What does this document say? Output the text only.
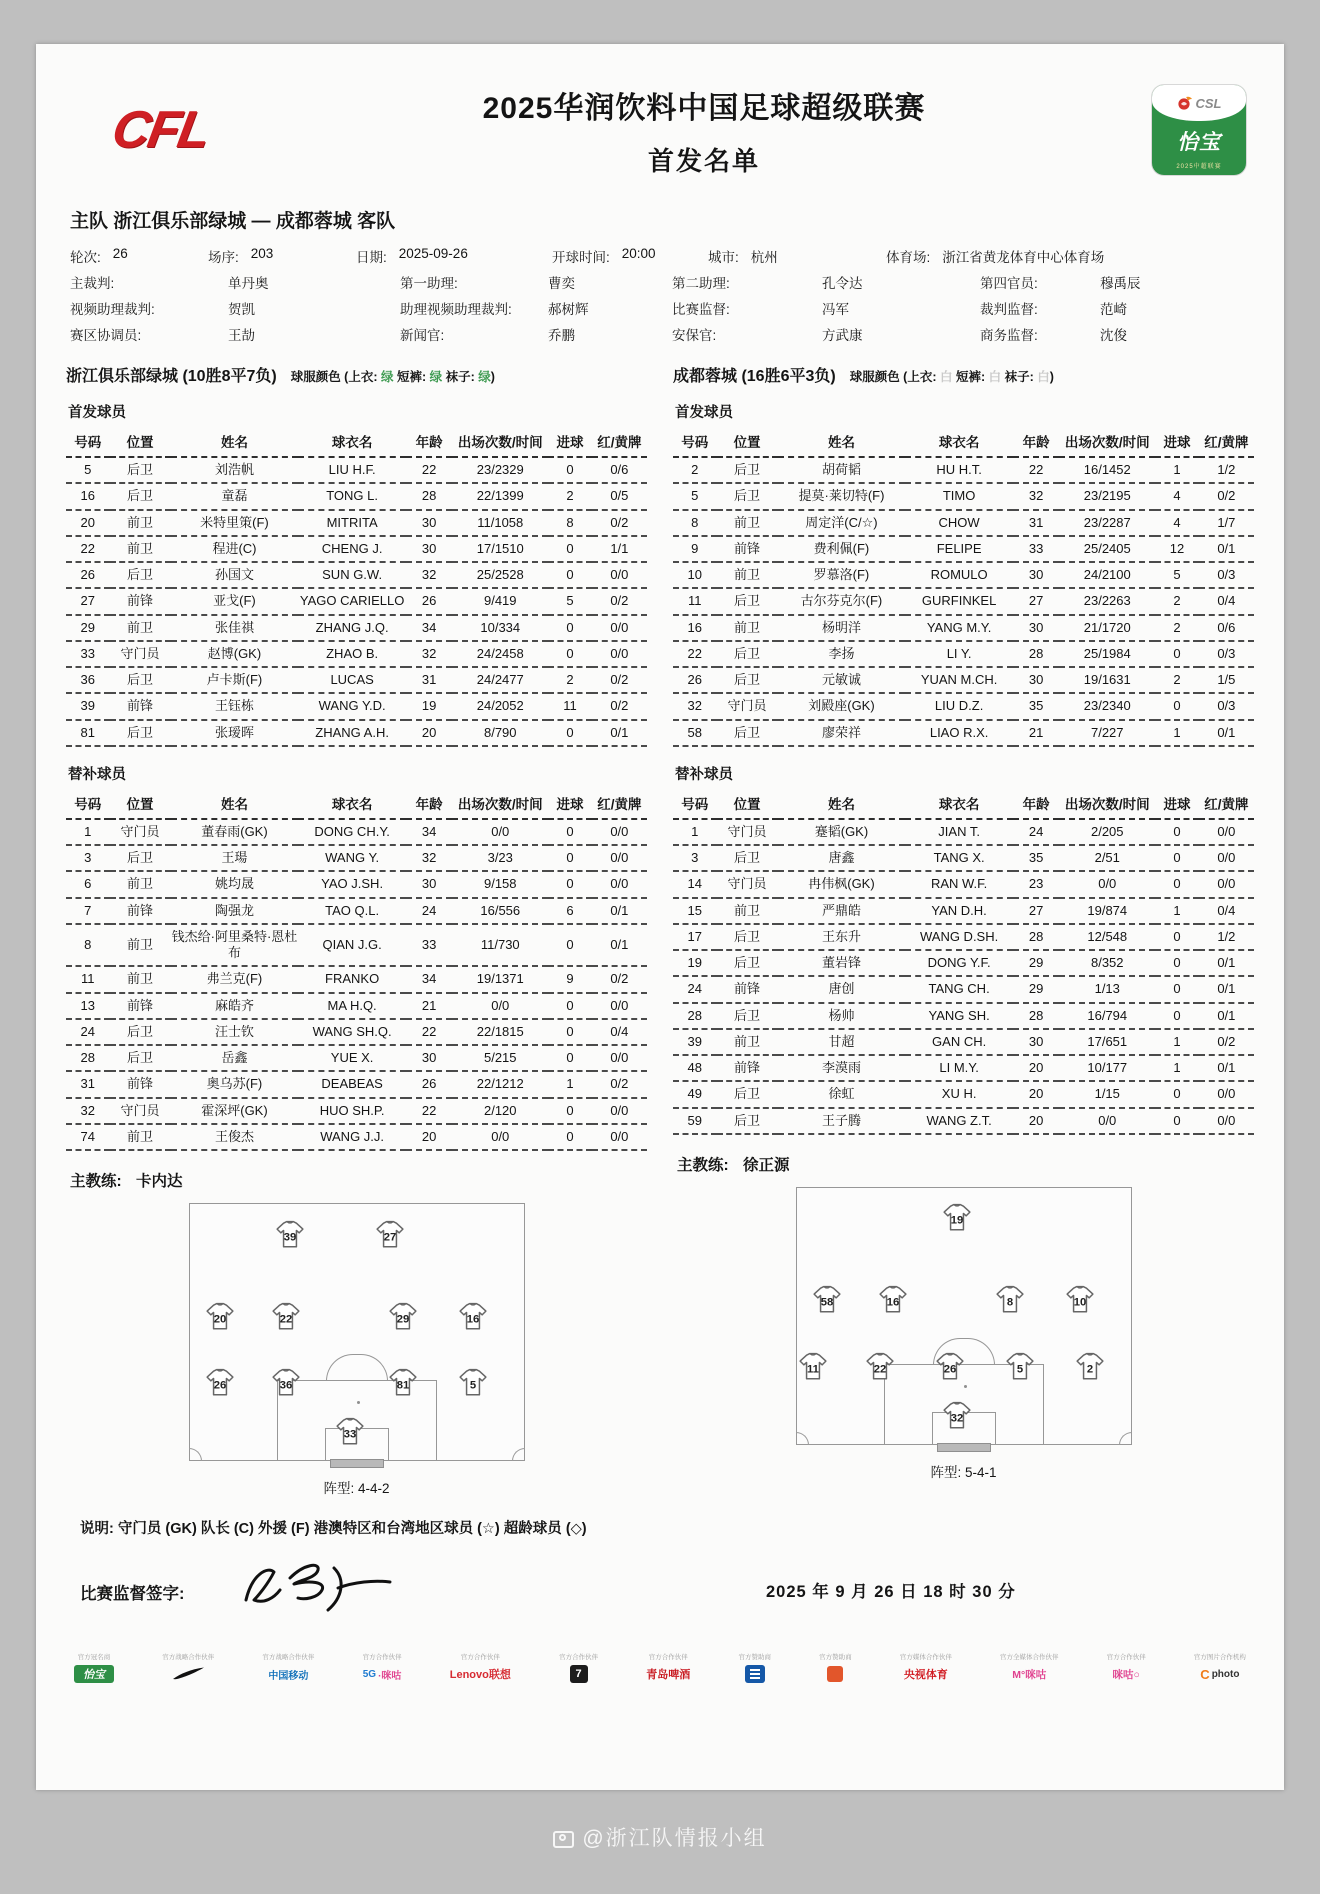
CFL	2025华润饮料中国足球超级联赛
首发名单
CSL
怡宝
2025中超联赛
主队 浙江俱乐部绿城 — 成都蓉城 客队
轮次: 26	场序: 203	日期: 2025-09-26	开球时间: 20:00	城市: 杭州	体育场: 浙江省黄龙体育中心体育场
主裁判:	单丹奥	第一助理:	曹奕	第二助理:	孔令达	第四官员:	穆禹辰
视频助理裁判:	贺凯	助理视频助理裁判:	郝树辉	比赛监督:	冯军	裁判监督:	范崎
赛区协调员:	王劼	新闻官:	乔鹏	安保官:	方武康	商务监督:	沈俊
浙江俱乐部绿城 (10胜8平7负) 球服颜色 (上衣: 绿 短裤: 绿 袜子: 绿)
首发球员
号码	位置	姓名	球衣名	年龄	出场次数/时间	进球	红/黄牌
5	后卫	刘浩帆	LIU H.F.	22	23/2329	0	0/6
16	后卫	童磊	TONG L.	28	22/1399	2	0/5
20	前卫	米特里策(F)	MITRITA	30	11/1058	8	0/2
22	前卫	程进(C)	CHENG J.	30	17/1510	0	1/1
26	后卫	孙国文	SUN G.W.	32	25/2528	0	0/0
27	前锋	亚戈(F)	YAGO CARIELLO	26	9/419	5	0/2
29	前卫	张佳祺	ZHANG J.Q.	34	10/334	0	0/0
33	守门员	赵博(GK)	ZHAO B.	32	24/2458	0	0/0
36	后卫	卢卡斯(F)	LUCAS	31	24/2477	2	0/2
39	前锋	王钰栋	WANG Y.D.	19	24/2052	11	0/2
81	后卫	张瑷晖	ZHANG A.H.	20	8/790	0	0/1
替补球员
号码	位置	姓名	球衣名	年龄	出场次数/时间	进球	红/黄牌
1	守门员	董春雨(GK)	DONG CH.Y.	34	0/0	0	0/0
3	后卫	王瑒	WANG Y.	32	3/23	0	0/0
6	前卫	姚均晟	YAO J.SH.	30	9/158	0	0/0
7	前锋	陶强龙	TAO Q.L.	24	16/556	6	0/1
8	前卫	钱杰给·阿里桑特·恩杜布	QIAN J.G.	33	11/730	0	0/1
11	前卫	弗兰克(F)	FRANKO	34	19/1371	9	0/2
13	前锋	麻皓齐	MA H.Q.	21	0/0	0	0/0
24	后卫	汪士钦	WANG SH.Q.	22	22/1815	0	0/4
28	后卫	岳鑫	YUE X.	30	5/215	0	0/0
31	前锋	奥乌苏(F)	DEABEAS	26	22/1212	1	0/2
32	守门员	霍深坪(GK)	HUO SH.P.	22	2/120	0	0/0
74	前卫	王俊杰	WANG J.J.	20	0/0	0	0/0
主教练: 卡内达
39	27
20	22	29	16
26	36	81	5
33
阵型: 4-4-2
成都蓉城 (16胜6平3负) 球服颜色 (上衣: 白 短裤: 白 袜子: 白)
首发球员
号码	位置	姓名	球衣名	年龄	出场次数/时间	进球	红/黄牌
2	后卫	胡荷韬	HU H.T.	22	16/1452	1	1/2
5	后卫	提莫·莱切特(F)	TIMO	32	23/2195	4	0/2
8	前卫	周定洋(C/☆)	CHOW	31	23/2287	4	1/7
9	前锋	费利佩(F)	FELIPE	33	25/2405	12	0/1
10	前卫	罗慕洛(F)	ROMULO	30	24/2100	5	0/3
11	后卫	古尔芬克尔(F)	GURFINKEL	27	23/2263	2	0/4
16	前卫	杨明洋	YANG M.Y.	30	21/1720	2	0/6
22	后卫	李扬	LI Y.	28	25/1984	0	0/3
26	后卫	元敏诚	YUAN M.CH.	30	19/1631	2	1/5
32	守门员	刘殿座(GK)	LIU D.Z.	35	23/2340	0	0/3
58	后卫	廖荣祥	LIAO R.X.	21	7/227	1	0/1
替补球员
号码	位置	姓名	球衣名	年龄	出场次数/时间	进球	红/黄牌
1	守门员	蹇韬(GK)	JIAN T.	24	2/205	0	0/0
3	后卫	唐鑫	TANG X.	35	2/51	0	0/0
14	守门员	冉伟枫(GK)	RAN W.F.	23	0/0	0	0/0
15	前卫	严鼎皓	YAN D.H.	27	19/874	1	0/4
17	后卫	王东升	WANG D.SH.	28	12/548	0	1/2
19	后卫	董岩锋	DONG Y.F.	29	8/352	0	0/1
24	前锋	唐创	TANG CH.	29	1/13	0	0/1
28	后卫	杨帅	YANG SH.	28	16/794	0	0/1
39	前卫	甘超	GAN CH.	30	17/651	1	0/2
48	前锋	李漠雨	LI M.Y.	20	10/177	1	0/1
49	后卫	徐虹	XU H.	20	1/15	0	0/0
59	后卫	王子腾	WANG Z.T.	20	0/0	0	0/0
主教练: 徐正源
19
58	16	8	10
11	22	26	5	2
32
阵型: 5-4-1
说明: 守门员 (GK) 队长 (C) 外援 (F) 港澳特区和台湾地区球员 (☆) 超龄球员 (◇)
比赛监督签字:	2025 年 9 月 26 日 18 时 30 分
官方冠名商
怡宝
官方战略合作伙伴	官方战略合作伙伴
中国移动
官方合作伙伴
5G ·咪咕
官方合作伙伴
Lenovo联想
官方合作伙伴
7
官方合作伙伴
青岛啤酒
官方赞助商	官方赞助商	官方媒体合作伙伴
央视体育
官方全媒体合作伙伴
M°咪咕
官方合作伙伴
咪咕○
官方图片合作机构
C photo
@浙江队情报小组
